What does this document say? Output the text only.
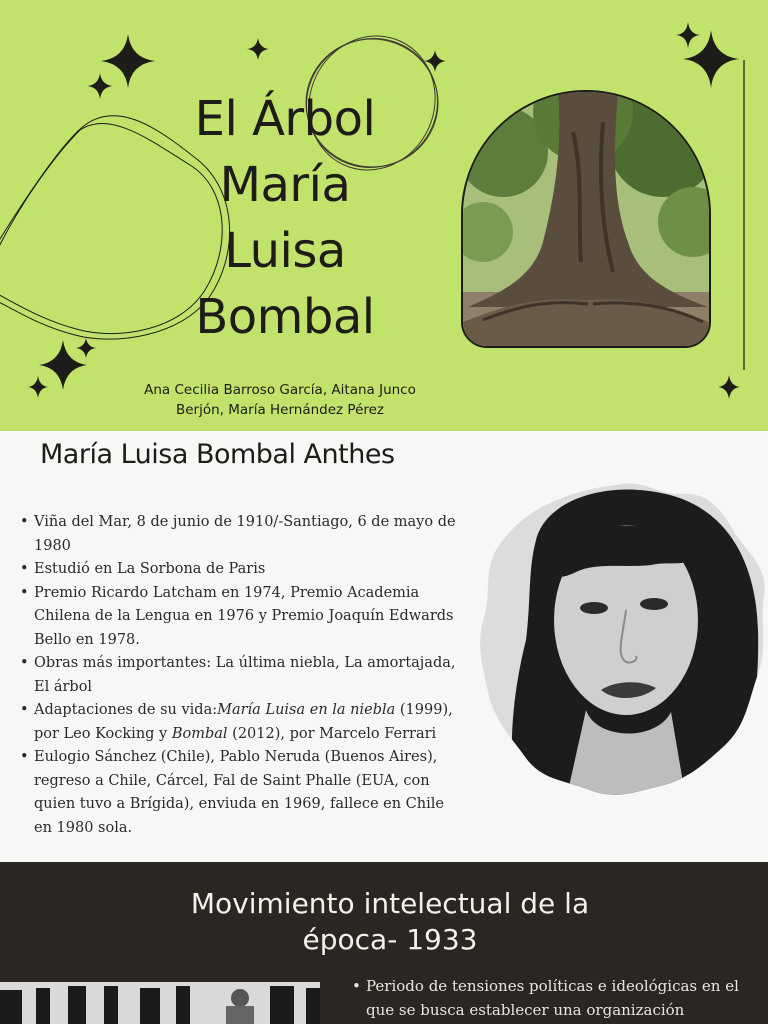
El Árbol
María
Luisa
Bombal
Ana Cecilia Barroso García, Aitana Junco Berjón, María Hernández Pérez
María Luisa Bombal Anthes
• Viña del Mar, 8 de junio de 1910/-Santiago, 6 de mayo de 1980
• Estudió en La Sorbona de Paris
• Premio Ricardo Latcham en 1974, Premio Academia Chilena de la Lengua en 1976 y Premio Joaquín Edwards Bello en 1978.
• Obras más importantes: La última niebla, La amortajada, El árbol
• Adaptaciones de su vida:María Luisa en la niebla (1999), por Leo Kocking y Bombal (2012), por Marcelo Ferrari
• Eulogio Sánchez (Chile), Pablo Neruda (Buenos Aires), regreso a Chile, Cárcel, Fal de Saint Phalle (EUA, con quien tuvo a Brígida), enviuda en 1969, fallece en Chile en 1980 sola.
Movimiento intelectual de la época- 1933
• Periodo de tensiones políticas e ideológicas en el que se busca establecer una organización
